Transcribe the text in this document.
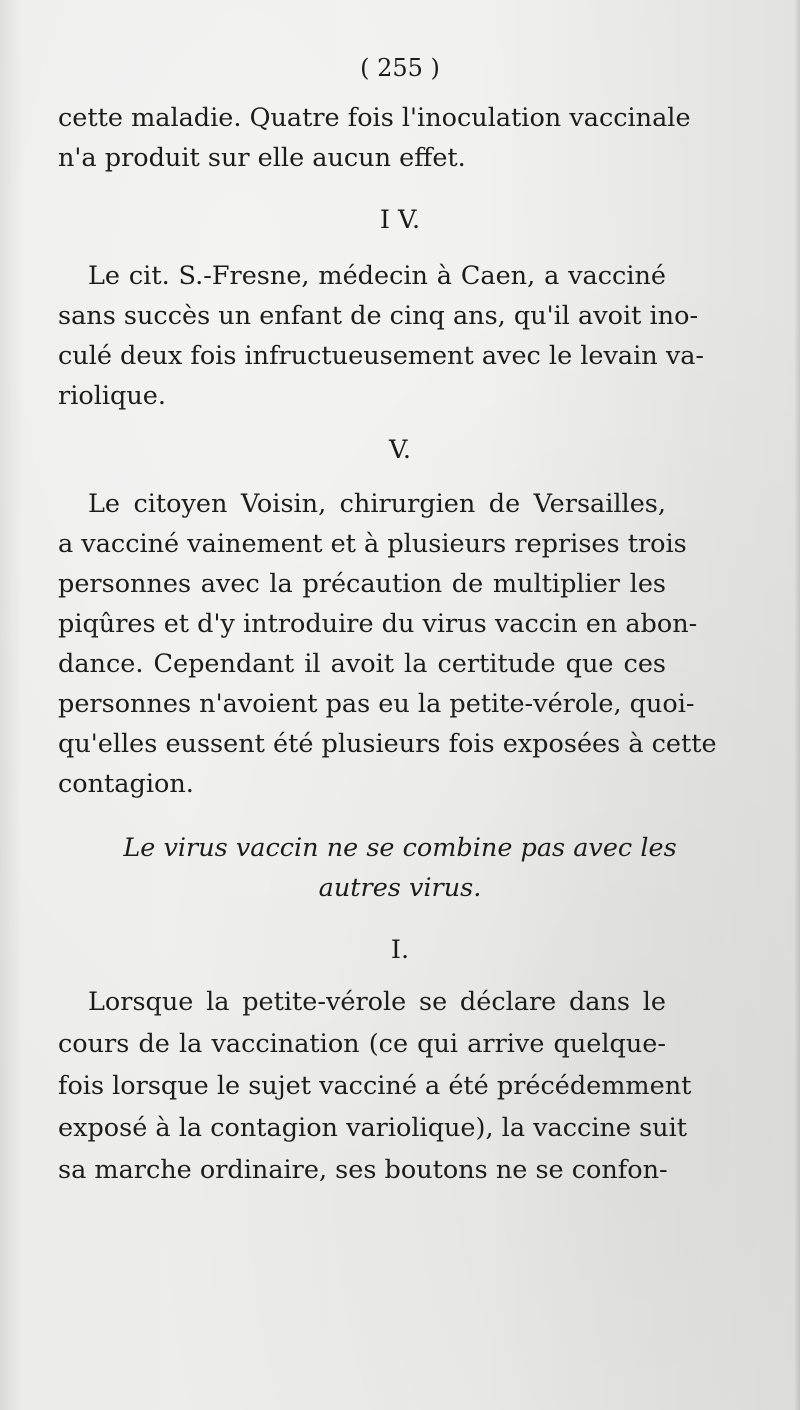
( 255 )
cette maladie. Quatre fois l'inoculation vaccinale
n'a produit sur elle aucun effet.
I V.
Le cit. S.-Fresne, médecin à Caen, a vacciné
sans succès un enfant de cinq ans, qu'il avoit ino-
culé deux fois infructueusement avec le levain va-
riolique.
V.
Le citoyen Voisin, chirurgien de Versailles,
a vacciné vainement et à plusieurs reprises trois
personnes avec la précaution de multiplier les
piqûres et d'y introduire du virus vaccin en abon-
dance. Cependant il avoit la certitude que ces
personnes n'avoient pas eu la petite-vérole, quoi-
qu'elles eussent été plusieurs fois exposées à cette
contagion.
Le virus vaccin ne se combine pas avec les
autres virus.
I.
Lorsque la petite-vérole se déclare dans le
cours de la vaccination (ce qui arrive quelque-
fois lorsque le sujet vacciné a été précédemment
exposé à la contagion variolique), la vaccine suit
sa marche ordinaire, ses boutons ne se confon-
